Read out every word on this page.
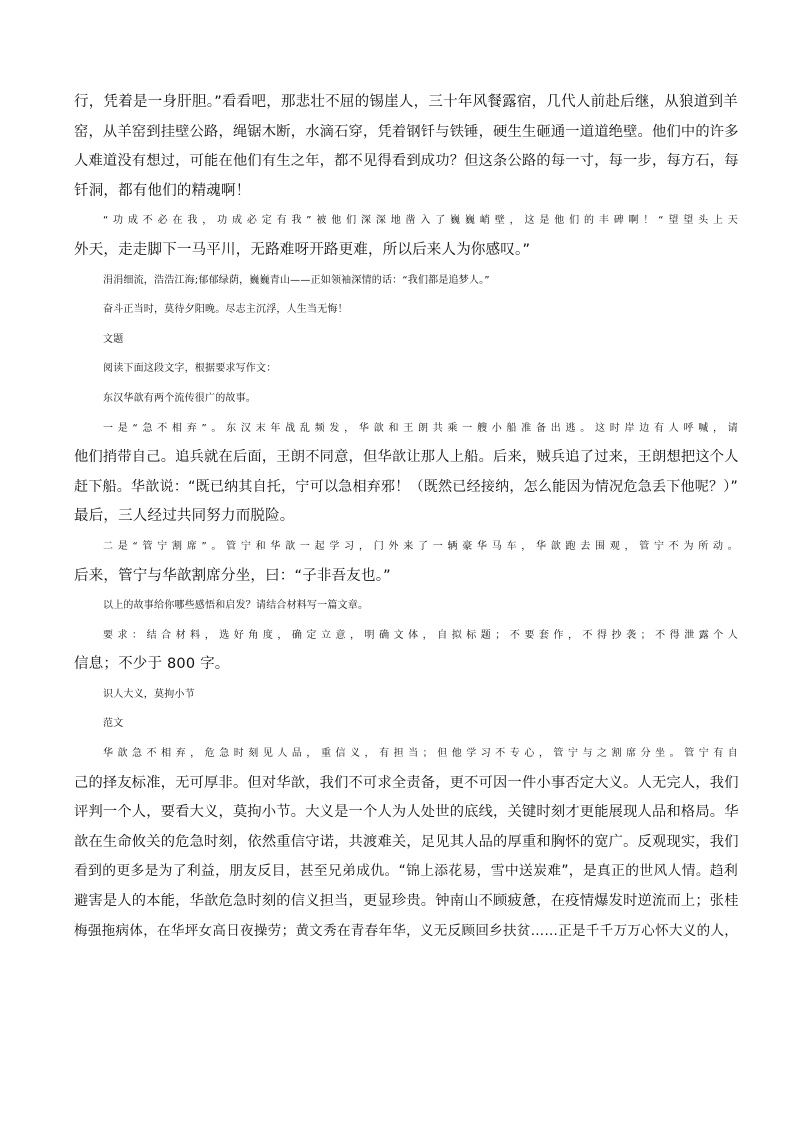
行，凭着是一身肝胆。”看看吧，那悲壮不屈的锡崖人，三十年风餐露宿，几代人前赴后继，从狼道到羊
窑，从羊窑到挂壁公路，绳锯木断，水滴石穿，凭着钢钎与铁锤，硬生生砸通一道道绝壁。他们中的许多
人难道没有想过，可能在他们有生之年，都不见得看到成功？但这条公路的每一寸，每一步，每方石，每
钎洞，都有他们的精魂啊！
“功成不必在我，功成必定有我”被他们深深地凿入了巍巍峭壁，这是他们的丰碑啊！“望望头上天
外天，走走脚下一马平川，无路难呀开路更难，所以后来人为你感叹。”
涓涓细流，浩浩江海;郁郁绿荫，巍巍青山——正如领袖深情的话：“我们都是追梦人。”
奋斗正当时，莫待夕阳晚。尽志主沉浮，人生当无悔！
文题
阅读下面这段文字，根据要求写作文：
东汉华歆有两个流传很广的故事。
一是“急不相弃”。东汉末年战乱频发，华歆和王朗共乘一艘小船准备出逃。这时岸边有人呼喊，请
他们捎带自己。追兵就在后面，王朗不同意，但华歆让那人上船。后来，贼兵追了过来，王朗想把这个人
赶下船。华歆说：“既已纳其自托，宁可以急相弃邪！（既然已经接纳，怎么能因为情况危急丢下他呢？）”
最后，三人经过共同努力而脱险。
二是“管宁割席”。管宁和华歆一起学习，门外来了一辆豪华马车，华歆跑去围观，管宁不为所动。
后来，管宁与华歆割席分坐，曰：“子非吾友也。”
以上的故事给你哪些感悟和启发？请结合材料写一篇文章。
要求：结合材料，选好角度，确定立意，明确文体，自拟标题；不要套作，不得抄袭；不得泄露个人
信息；不少于 800 字。
识人大义，莫拘小节
范文
华歆急不相弃，危急时刻见人品，重信义，有担当；但他学习不专心，管宁与之割席分坐。管宁有自
己的择友标准，无可厚非。但对华歆，我们不可求全责备，更不可因一件小事否定大义。人无完人，我们
评判一个人，要看大义，莫拘小节。大义是一个人为人处世的底线，关键时刻才更能展现人品和格局。华
歆在生命攸关的危急时刻，依然重信守诺，共渡难关，足见其人品的厚重和胸怀的宽广。反观现实，我们
看到的更多是为了利益，朋友反目，甚至兄弟成仇。“锦上添花易，雪中送炭难”，是真正的世风人情。趋利
避害是人的本能，华歆危急时刻的信义担当，更显珍贵。钟南山不顾疲惫，在疫情爆发时逆流而上；张桂
梅强拖病体，在华坪女高日夜操劳；黄文秀在青春年华，义无反顾回乡扶贫……正是千千万万心怀大义的人，
